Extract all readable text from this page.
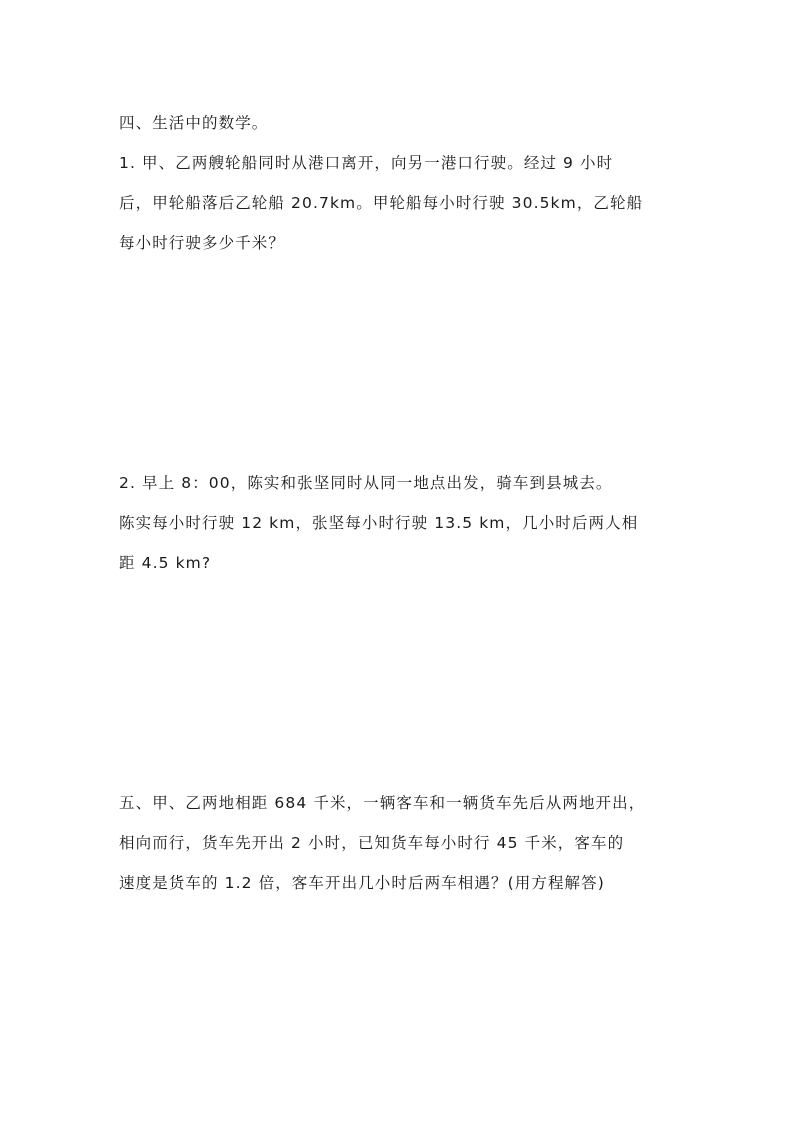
四、生活中的数学。
1. 甲、乙两艘轮船同时从港口离开，向另一港口行驶。经过 9 小时
后，甲轮船落后乙轮船 20.7km。甲轮船每小时行驶 30.5km，乙轮船
每小时行驶多少千米？
2. 早上 8：00，陈实和张坚同时从同一地点出发，骑车到县城去。
陈实每小时行驶 12 km，张坚每小时行驶 13.5 km，几小时后两人相
距 4.5 km?
五、甲、乙两地相距 684 千米，一辆客车和一辆货车先后从两地开出，
相向而行，货车先开出 2 小时，已知货车每小时行 45 千米，客车的
速度是货车的 1.2 倍，客车开出几小时后两车相遇？(用方程解答)
